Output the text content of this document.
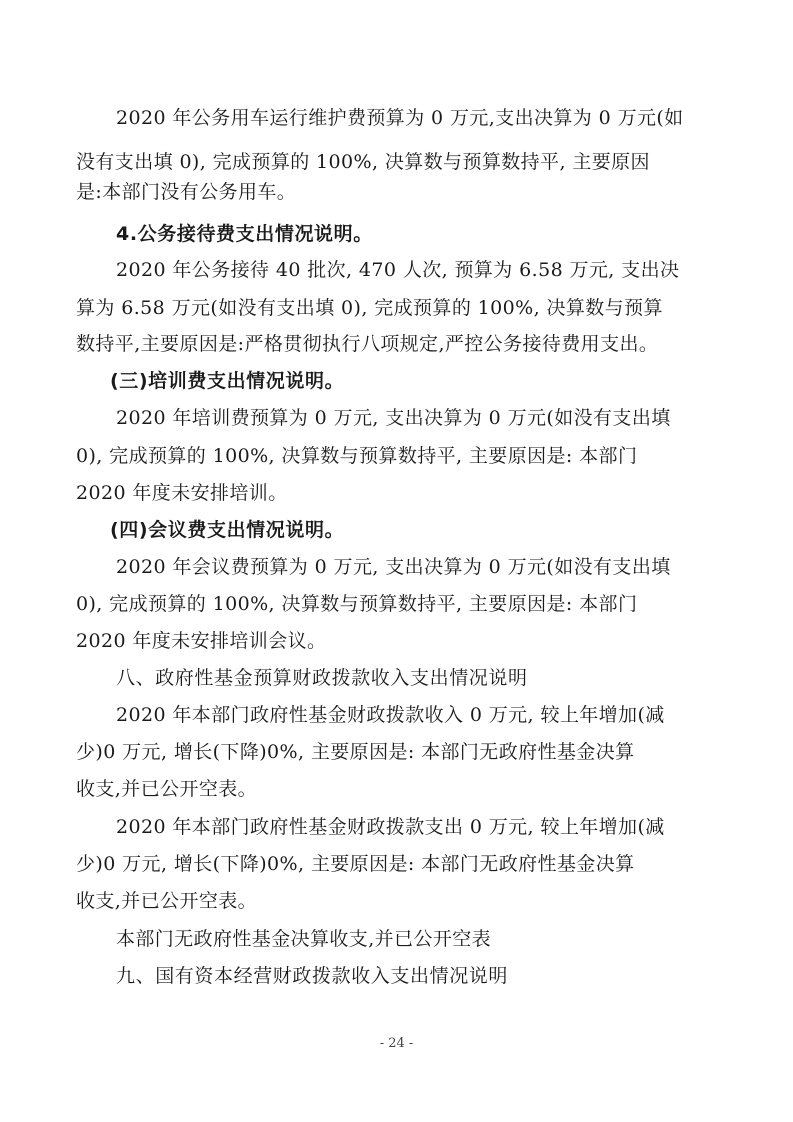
2020 年公务用车运行维护费预算为 0 万元,支出决算为 0 万元(如
没有支出填 0), 完成预算的 100%, 决算数与预算数持平, 主要原因
是:本部门没有公务用车。
4.公务接待费支出情况说明。
2020 年公务接待 40 批次, 470 人次, 预算为 6.58 万元, 支出决
算为 6.58 万元(如没有支出填 0), 完成预算的 100%, 决算数与预算
数持平,主要原因是:严格贯彻执行八项规定,严控公务接待费用支出。
(三)培训费支出情况说明。
2020 年培训费预算为 0 万元, 支出决算为 0 万元(如没有支出填
0), 完成预算的 100%, 决算数与预算数持平, 主要原因是: 本部门
2020 年度未安排培训。
(四)会议费支出情况说明。
2020 年会议费预算为 0 万元, 支出决算为 0 万元(如没有支出填
0), 完成预算的 100%, 决算数与预算数持平, 主要原因是: 本部门
2020 年度未安排培训会议。
八、政府性基金预算财政拨款收入支出情况说明
2020 年本部门政府性基金财政拨款收入 0 万元, 较上年增加(减
少)0 万元, 增长(下降)0%, 主要原因是: 本部门无政府性基金决算
收支,并已公开空表。
2020 年本部门政府性基金财政拨款支出 0 万元, 较上年增加(减
少)0 万元, 增长(下降)0%, 主要原因是: 本部门无政府性基金决算
收支,并已公开空表。
本部门无政府性基金决算收支,并已公开空表
九、国有资本经营财政拨款收入支出情况说明
- 24 -
